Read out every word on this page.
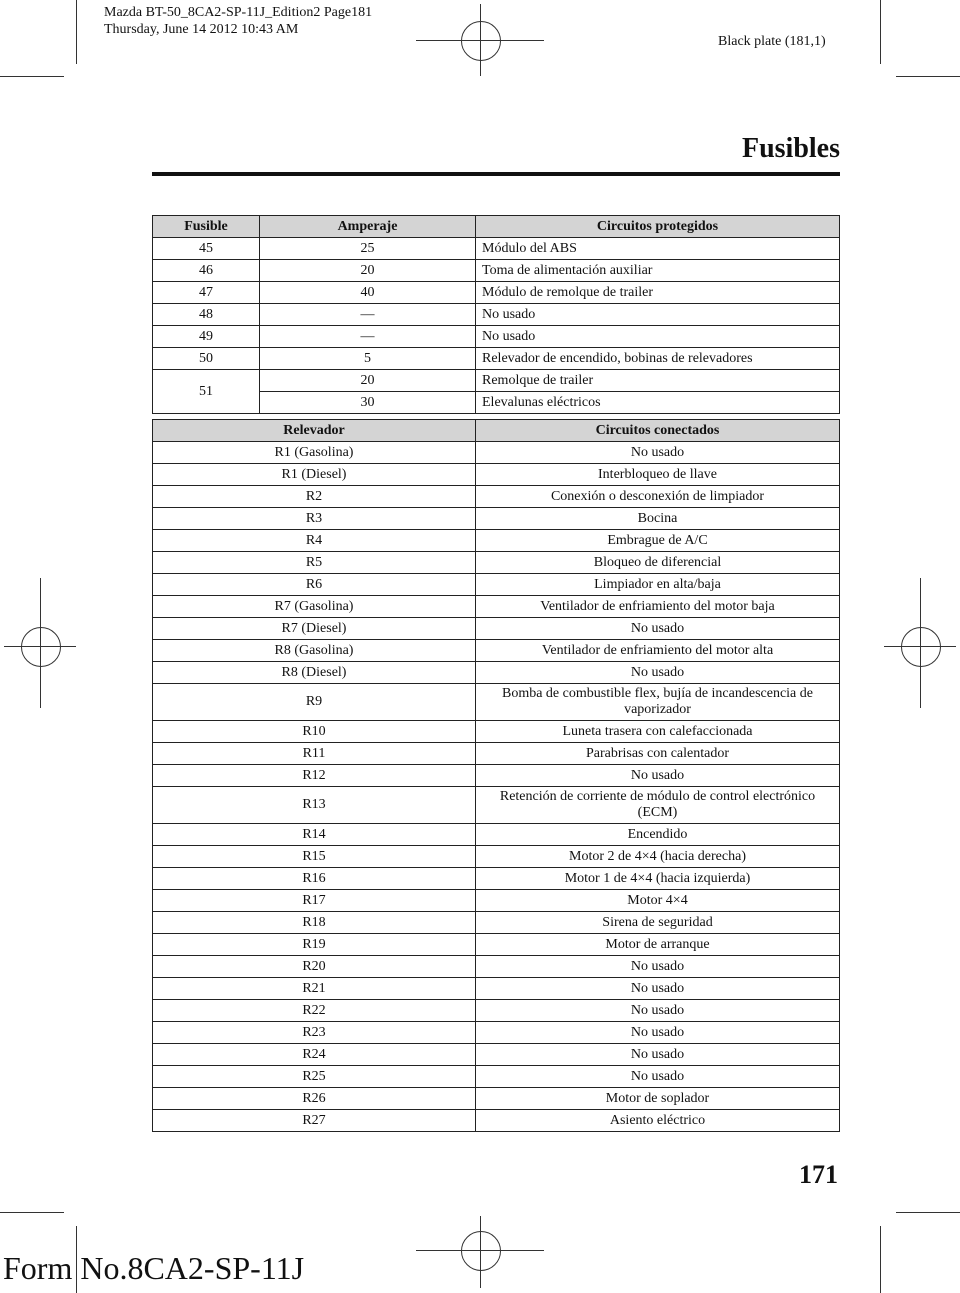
Mazda BT-50_8CA2-SP-11J_Edition2 Page181
Thursday, June 14 2012 10:43 AM
Black plate (181,1)
Fusibles
Fusible	Amperaje	Circuitos protegidos
45	25	Módulo del ABS
46	20	Toma de alimentación auxiliar
47	40	Módulo de remolque de trailer
48	―	No usado
49	―	No usado
50	5	Relevador de encendido, bobinas de relevadores
51	20	Remolque de trailer
	30	Elevalunas eléctricos
Relevador	Circuitos conectados
R1 (Gasolina)	No usado
R1 (Diesel)	Interbloqueo de llave
R2	Conexión o desconexión de limpiador
R3	Bocina
R4	Embrague de A/C
R5	Bloqueo de diferencial
R6	Limpiador en alta/baja
R7 (Gasolina)	Ventilador de enfriamiento del motor baja
R7 (Diesel)	No usado
R8 (Gasolina)	Ventilador de enfriamiento del motor alta
R8 (Diesel)	No usado
R9	Bomba de combustible flex, bujía de incandescencia de vaporizador
R10	Luneta trasera con calefaccionada
R11	Parabrisas con calentador
R12	No usado
R13	Retención de corriente de módulo de control electrónico (ECM)
R14	Encendido
R15	Motor 2 de 4×4 (hacia derecha)
R16	Motor 1 de 4×4 (hacia izquierda)
R17	Motor 4×4
R18	Sirena de seguridad
R19	Motor de arranque
R20	No usado
R21	No usado
R22	No usado
R23	No usado
R24	No usado
R25	No usado
R26	Motor de soplador
R27	Asiento eléctrico
171
Form No.8CA2-SP-11J
